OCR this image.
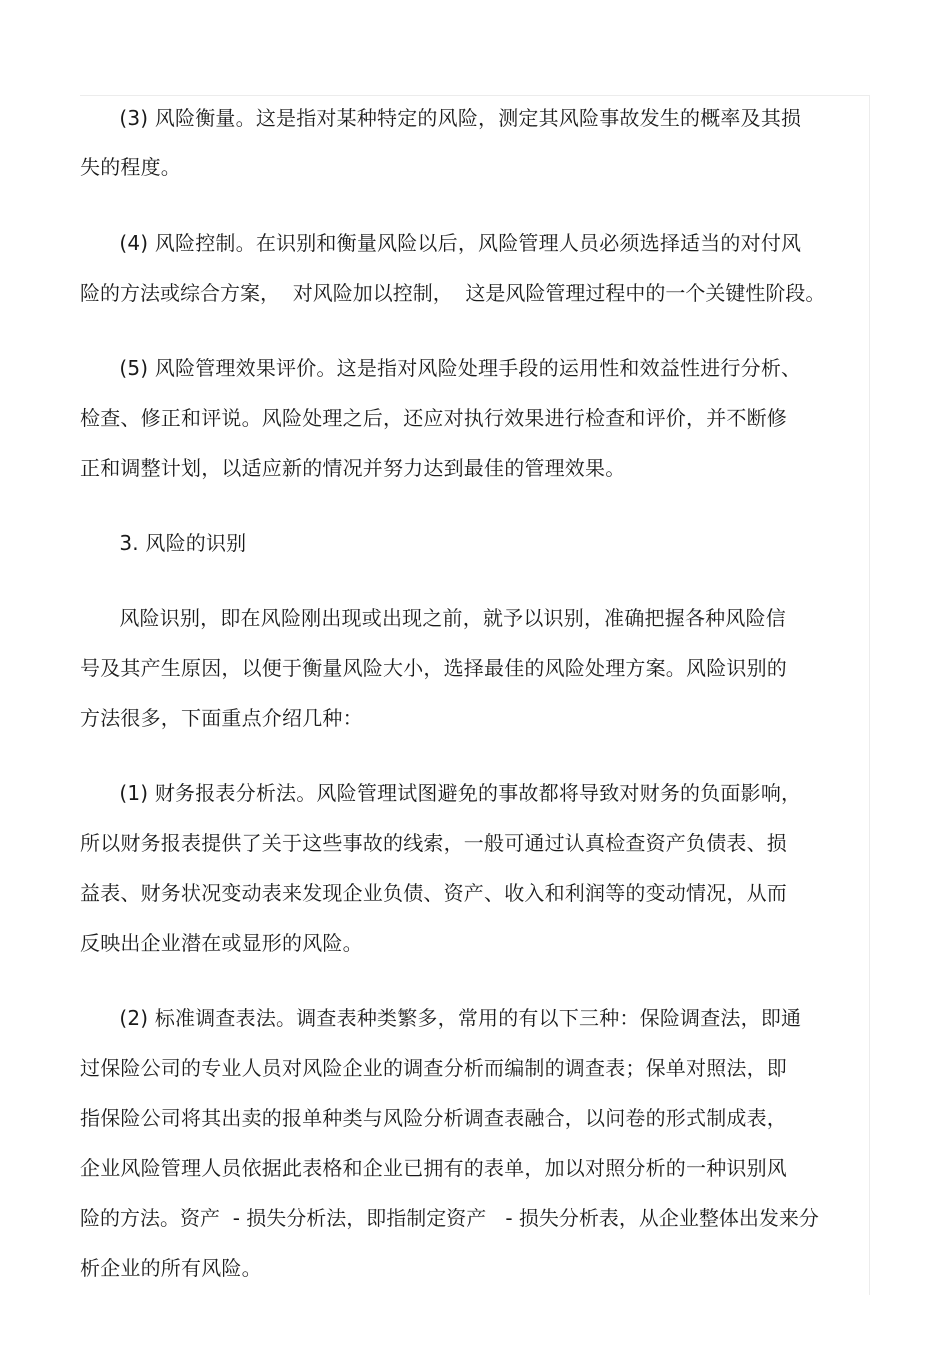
(3) 风险衡量。这是指对某种特定的风险，测定其风险事故发生的概率及其损
失的程度。
(4) 风险控制。在识别和衡量风险以后，风险管理人员必须选择适当的对付风
险的方法或综合方案，  对风险加以控制，  这是风险管理过程中的一个关键性阶段。
(5) 风险管理效果评价。这是指对风险处理手段的运用性和效益性进行分析、
检查、修正和评说。风险处理之后，还应对执行效果进行检查和评价，并不断修
正和调整计划，以适应新的情况并努力达到最佳的管理效果。
3. 风险的识别
风险识别，即在风险刚出现或出现之前，就予以识别，准确把握各种风险信
号及其产生原因，以便于衡量风险大小，选择最佳的风险处理方案。风险识别的
方法很多，下面重点介绍几种：
(1) 财务报表分析法。风险管理试图避免的事故都将导致对财务的负面影响，
所以财务报表提供了关于这些事故的线索，一般可通过认真检查资产负债表、损
益表、财务状况变动表来发现企业负债、资产、收入和利润等的变动情况，从而
反映出企业潜在或显形的风险。
(2) 标准调查表法。调查表种类繁多，常用的有以下三种：保险调查法，即通
过保险公司的专业人员对风险企业的调查分析而编制的调查表；保单对照法，即
指保险公司将其出卖的报单种类与风险分析调查表融合，以问卷的形式制成表，
企业风险管理人员依据此表格和企业已拥有的表单，加以对照分析的一种识别风
险的方法。资产  - 损失分析法，即指制定资产   - 损失分析表，从企业整体出发来分
析企业的所有风险。
